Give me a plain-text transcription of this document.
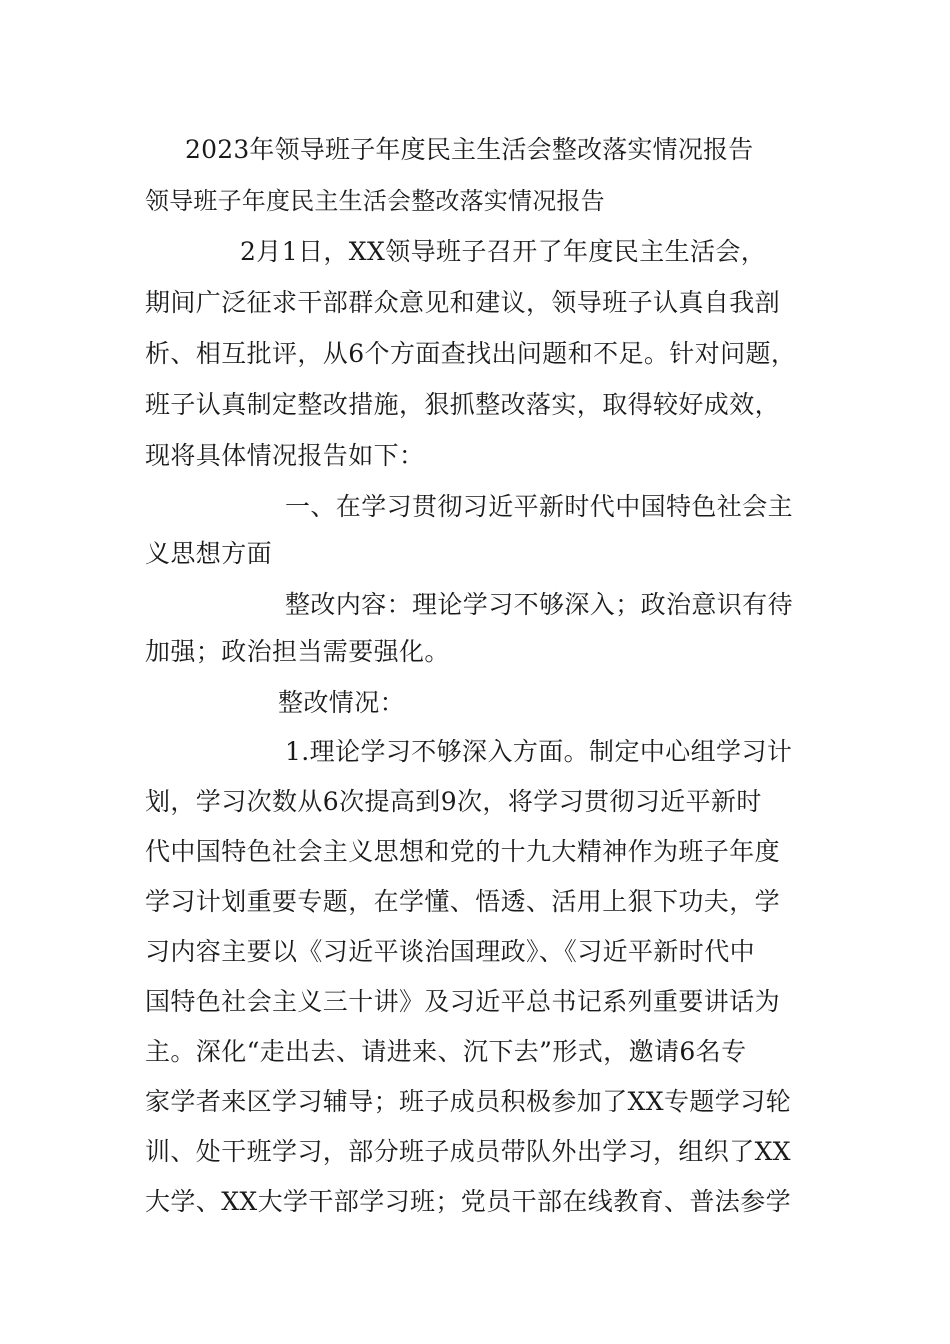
2023年领导班子年度民主生活会整改落实情况报告
领导班子年度民主生活会整改落实情况报告
2月1日，XX领导班子召开了年度民主生活会，
期间广泛征求干部群众意见和建议，领导班子认真自我剖
析、相互批评，从6个方面查找出问题和不足。针对问题，
班子认真制定整改措施，狠抓整改落实，取得较好成效，
现将具体情况报告如下：
一、在学习贯彻习近平新时代中国特色社会主
义思想方面
整改内容：理论学习不够深入；政治意识有待
加强；政治担当需要强化。
整改情况：
1.理论学习不够深入方面。制定中心组学习计
划，学习次数从6次提高到9次，将学习贯彻习近平新时
代中国特色社会主义思想和党的十九大精神作为班子年度
学习计划重要专题，在学懂、悟透、活用上狠下功夫，学
习内容主要以《习近平谈治国理政》、《习近平新时代中
国特色社会主义三十讲》及习近平总书记系列重要讲话为
主。深化“走出去、请进来、沉下去”形式，邀请6名专
家学者来区学习辅导；班子成员积极参加了XX专题学习轮
训、处干班学习，部分班子成员带队外出学习，组织了XX
大学、XX大学干部学习班；党员干部在线教育、普法参学
